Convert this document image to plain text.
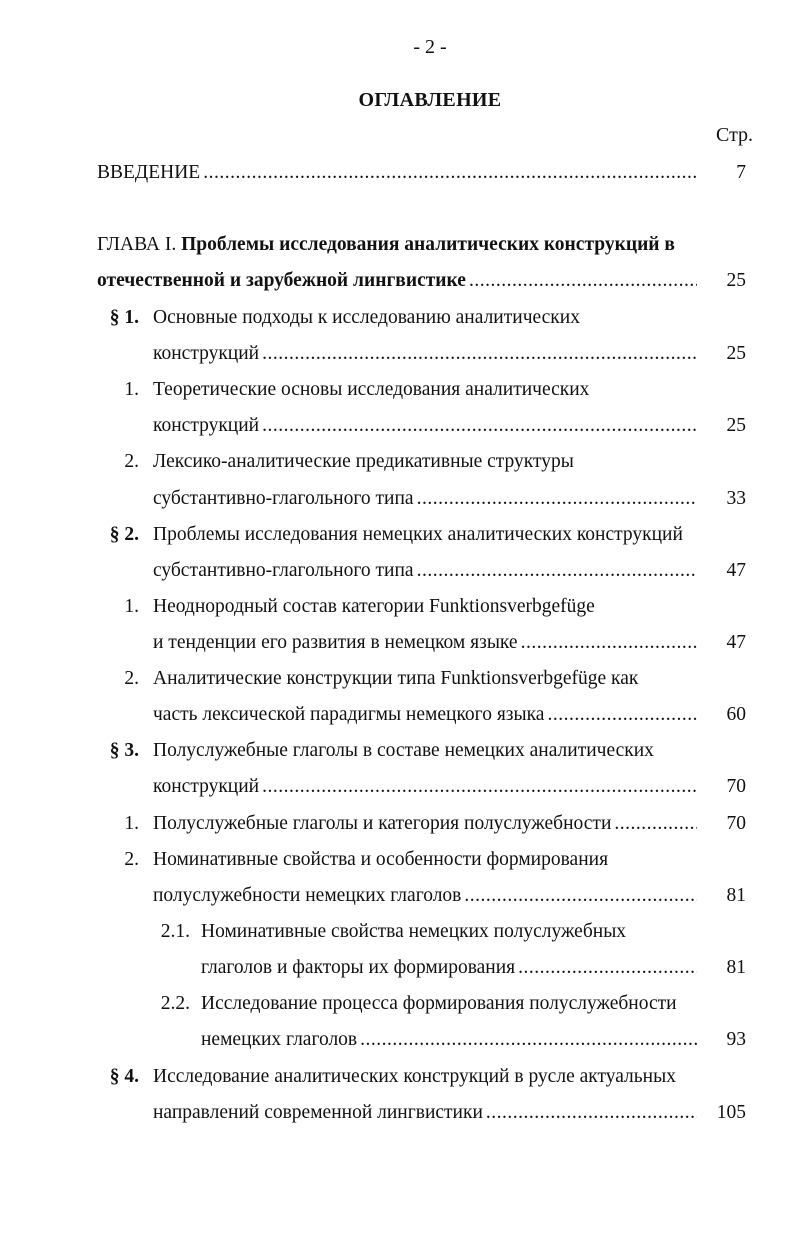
- 2 -
ОГЛАВЛЕНИЕ
Стр.
ВВЕДЕНИЕ .....	7
ГЛАВА I. Проблемы исследования аналитических конструкций в
отечественной и зарубежной лингвистике .....	25
§ 1. Основные подходы к исследованию аналитических
конструкций .....	25
1. Теоретические основы исследования аналитических
конструкций .....	25
2. Лексико-аналитические предикативные структуры
субстантивно-глагольного типа .....	33
§ 2. Проблемы исследования немецких аналитических конструкций
субстантивно-глагольного типа .....	47
1. Неоднородный состав категории Funktionsverbgefüge
и тенденции его развития в немецком языке .....	47
2. Аналитические конструкции типа Funktionsverbgefüge как
часть лексической парадигмы немецкого языка .....	60
§ 3. Полуслужебные глаголы в составе немецких аналитических
конструкций .....	70
1. Полуслужебные глаголы и категория полуслужебности .....	70
2. Номинативные свойства и особенности формирования
полуслужебности немецких глаголов .....	81
2.1. Номинативные свойства немецких полуслужебных
глаголов и факторы их формирования .....	81
2.2. Исследование процесса формирования полуслужебности
немецких глаголов .....	93
§ 4. Исследование аналитических конструкций в русле актуальных
направлений современной лингвистики .....	105
